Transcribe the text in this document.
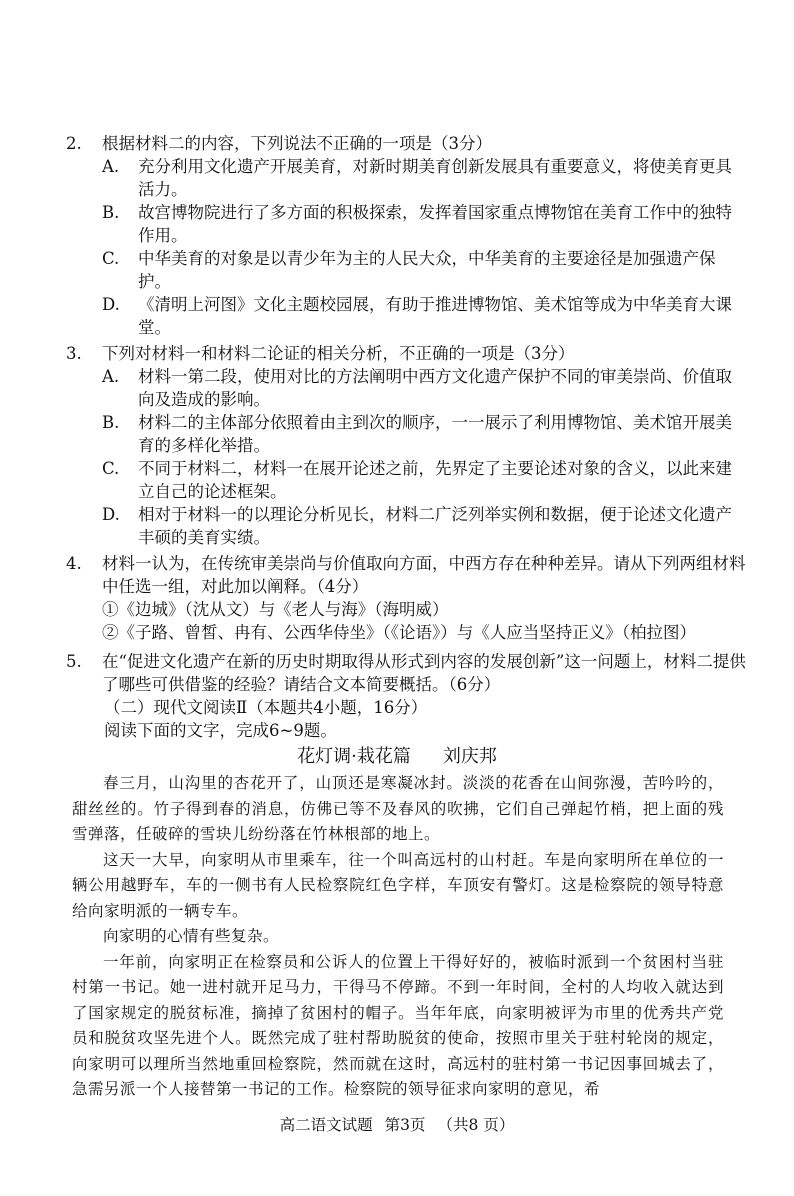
2.	根据材料二的内容，下列说法不正确的一项是（3分）
A.	充分利用文化遗产开展美育，对新时期美育创新发展具有重要意义，将使美育更具活力。
B.	故宫博物院进行了多方面的积极探索，发挥着国家重点博物馆在美育工作中的独特作用。
C.	中华美育的对象是以青少年为主的人民大众，中华美育的主要途径是加强遗产保护。
D.	《清明上河图》文化主题校园展，有助于推进博物馆、美术馆等成为中华美育大课堂。
3.	下列对材料一和材料二论证的相关分析，不正确的一项是（3分）
A.	材料一第二段，使用对比的方法阐明中西方文化遗产保护不同的审美崇尚、价值取向及造成的影响。
B.	材料二的主体部分依照着由主到次的顺序，一一展示了利用博物馆、美术馆开展美育的多样化举措。
C.	不同于材料二，材料一在展开论述之前，先界定了主要论述对象的含义，以此来建立自己的论述框架。
D.	相对于材料一的以理论分析见长，材料二广泛列举实例和数据，便于论述文化遗产丰硕的美育实绩。
4.	材料一认为，在传统审美崇尚与价值取向方面，中西方存在种种差异。请从下列两组材料中任选一组，对此加以阐释。（4分）
①《边城》（沈从文）与《老人与海》（海明威）
②《子路、曾皙、冉有、公西华侍坐》（《论语》）与《人应当坚持正义》（柏拉图）
5.	在“促进文化遗产在新的历史时期取得从形式到内容的发展创新”这一问题上，材料二提供了哪些可供借鉴的经验？请结合文本简要概括。（6分）
（二）现代文阅读Ⅱ（本题共4小题，16分）
阅读下面的文字，完成6~9题。
花灯调·栽花篇 刘庆邦

春三月，山沟里的杏花开了，山顶还是寒凝冰封。淡淡的花香在山间弥漫，苦吟吟的，甜丝丝的。竹子得到春的消息，仿佛已等不及春风的吹拂，它们自己弹起竹梢，把上面的残雪弹落，任破碎的雪块儿纷纷落在竹林根部的地上。

这天一大早，向家明从市里乘车，往一个叫高远村的山村赶。车是向家明所在单位的一辆公用越野车，车的一侧书有人民检察院红色字样，车顶安有警灯。这是检察院的领导特意给向家明派的一辆专车。

向家明的心情有些复杂。

一年前，向家明正在检察员和公诉人的位置上干得好好的，被临时派到一个贫困村当驻村第一书记。她一进村就开足马力，干得马不停蹄。不到一年时间，全村的人均收入就达到了国家规定的脱贫标准，摘掉了贫困村的帽子。当年年底，向家明被评为市里的优秀共产党员和脱贫攻坚先进个人。既然完成了驻村帮助脱贫的使命，按照市里关于驻村轮岗的规定，向家明可以理所当然地重回检察院，然而就在这时，高远村的驻村第一书记因事回城去了，急需另派一个人接替第一书记的工作。检察院的领导征求向家明的意见，希

高二语文试题 第3页 （共8 页）
